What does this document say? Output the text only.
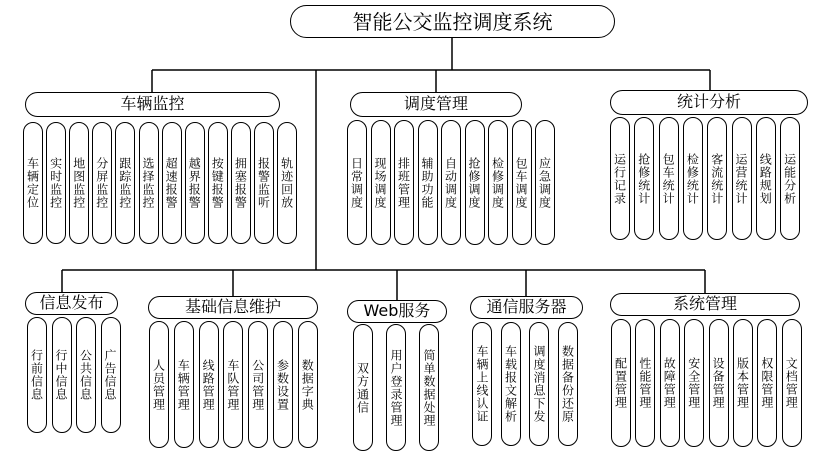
智能公交监控调度系统
车辆监控
车辆定位 实时监控 地图监控 分屏监控 跟踪监控 选择监控 超速报警 越界报警 按键报警 拥塞报警 报警监听 轨迹回放
调度管理
日常调度 现场调度 排班管理 辅助功能 自动调度 抢修调度 检修调度 包车调度 应急调度
统计分析
运行记录 抢修统计 包车统计 检修统计 客流统计 运营统计 线路规划 运能分析
信息发布
行前信息 行中信息 公共信息 广告信息
基础信息维护
人员管理 车辆管理 线路管理 车队管理 公司管理 参数设置 数据字典
Web服务
双方通信 用户登录管理 简单数据处理
通信服务器
车辆上线认证 车载报文解析 调度消息下发 数据备份还原
系统管理
配置管理 性能管理 故障管理 安全管理 设备管理 版本管理 权限管理 文档管理
